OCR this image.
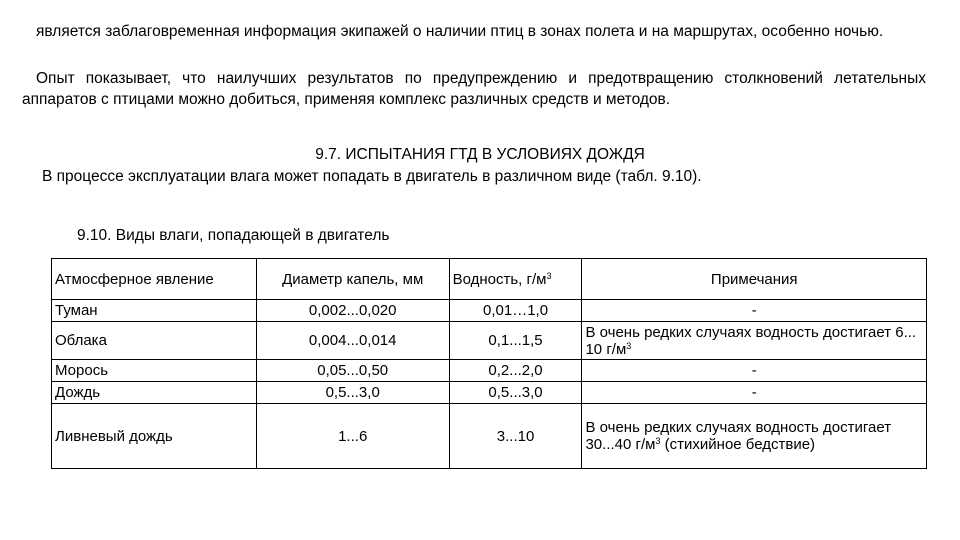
является заблаговременная информация экипажей о наличии птиц в зонах полета и на маршрутах, особенно ночью.
Опыт показывает, что наилучших результатов по предупреждению и предотвращению столкновений летательных аппаратов с птицами можно добиться, применяя комплекс различных средств и методов.
9.7. ИСПЫТАНИЯ ГТД В УСЛОВИЯХ ДОЖДЯ
В процессе эксплуатации влага может попадать в двигатель в различном виде (табл. 9.10).
9.10. Виды влаги, попадающей в двигатель
Атмосферное явление	Диаметр капель, мм	Водность, $г/м^3$	Примечания
Туман	0,002...0,020	0,01…1,0	-
Облака	0,004...0,014	0,1...1,5	В очень редких случаях водность достигает 6... 10 $г/м^3$
Морось	0,05...0,50	0,2...2,0	-
Дождь	0,5...3,0	0,5...3,0	-
Ливневый дождь	1...6	3...10	В очень редких случаях водность достигает 30...40 $г/м^3$ (стихийное бедствие)
